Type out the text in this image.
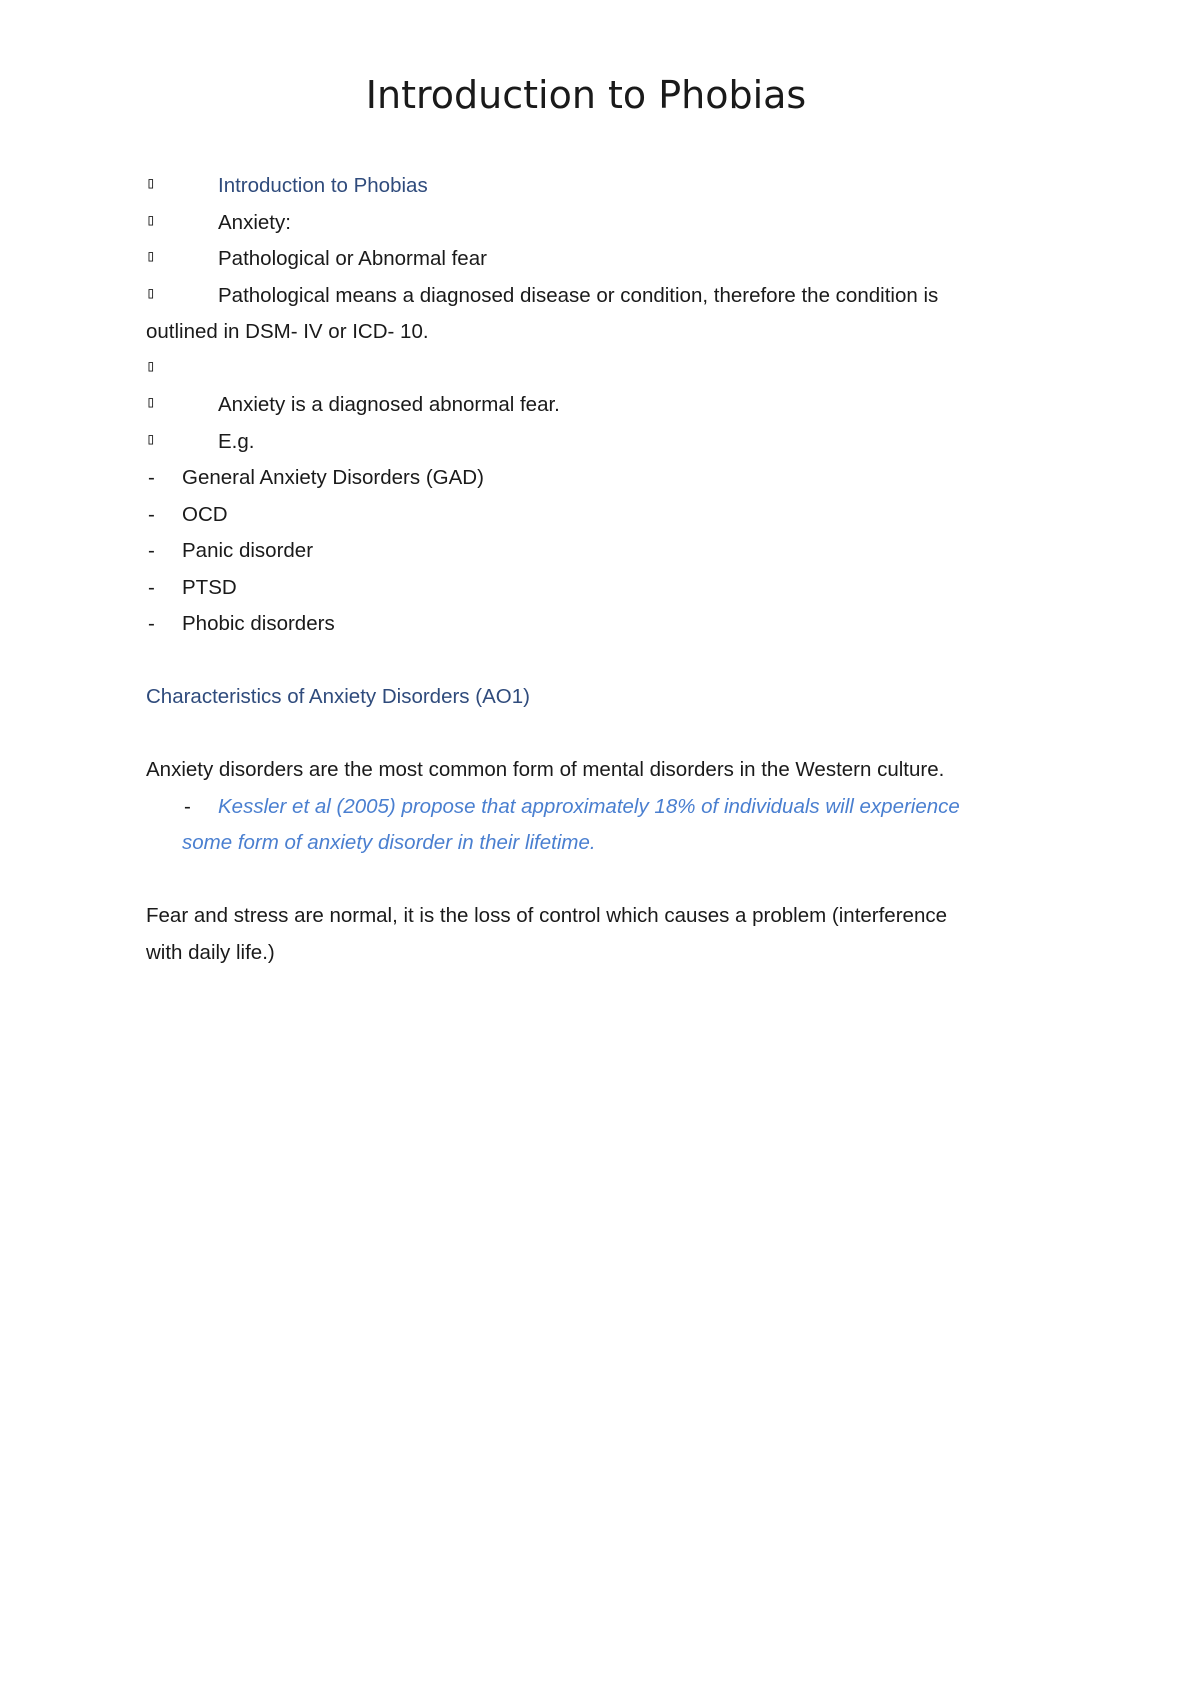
Introduction to Phobias
▯	Introduction to Phobias
▯	Anxiety:
▯	Pathological or Abnormal fear
▯	Pathological means a diagnosed disease or condition, therefore the condition is
outlined in DSM- IV or ICD- 10.
▯
▯	Anxiety is a diagnosed abnormal fear.
▯	E.g.
- General Anxiety Disorders (GAD)
- OCD
- Panic disorder
- PTSD
- Phobic disorders
Characteristics of Anxiety Disorders (AO1)
Anxiety disorders are the most common form of mental disorders in the Western culture.
-	Kessler et al (2005) propose that approximately 18% of individuals will experience
some form of anxiety disorder in their lifetime.
Fear and stress are normal, it is the loss of control which causes a problem (interference
with daily life.)
